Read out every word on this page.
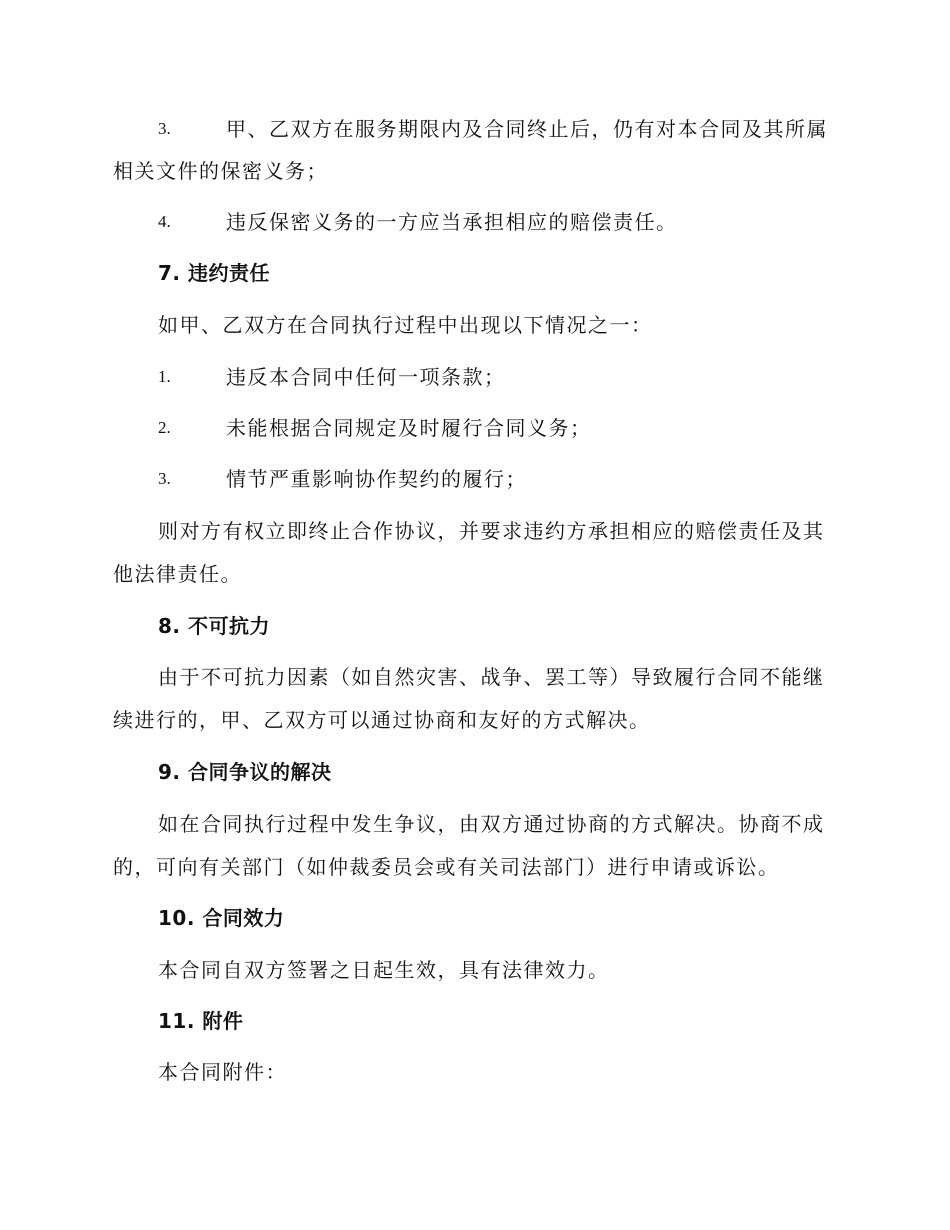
3.	甲、乙双方在服务期限内及合同终止后，仍有对本合同及其所属
相关文件的保密义务；
4.	违反保密义务的一方应当承担相应的赔偿责任。
7. 违约责任
如甲、乙双方在合同执行过程中出现以下情况之一：
1.	违反本合同中任何一项条款；
2.	未能根据合同规定及时履行合同义务；
3.	情节严重影响协作契约的履行；
则对方有权立即终止合作协议，并要求违约方承担相应的赔偿责任及其
他法律责任。
8. 不可抗力
由于不可抗力因素（如自然灾害、战争、罢工等）导致履行合同不能继
续进行的，甲、乙双方可以通过协商和友好的方式解决。
9. 合同争议的解决
如在合同执行过程中发生争议，由双方通过协商的方式解决。协商不成
的，可向有关部门（如仲裁委员会或有关司法部门）进行申请或诉讼。
10. 合同效力
本合同自双方签署之日起生效，具有法律效力。
11. 附件
本合同附件：
